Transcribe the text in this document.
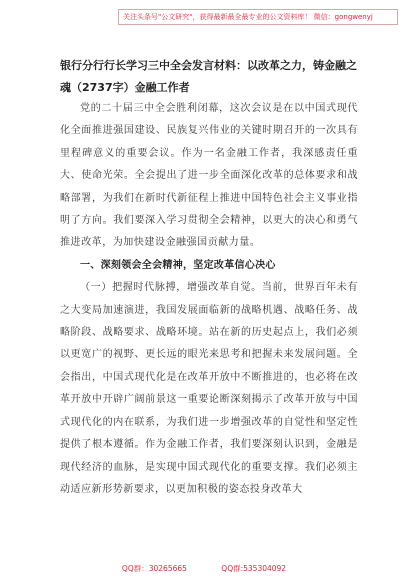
关注头条号"公文研究"，获得最新最全最专业的公文资料库！ 微信：gongwenyj
银行分行行长学习三中全会发言材料：以改革之力，铸金融之魂（2737字）金融工作者

党的二十届三中全会胜利闭幕，这次会议是在以中国式现代化全面推进强国建设、民族复兴伟业的关键时期召开的一次具有里程碑意义的重要会议。作为一名金融工作者，我深感责任重大、使命光荣。全会提出了进一步全面深化改革的总体要求和战略部署，为我们在新时代新征程上推进中国特色社会主义事业指明了方向。我们要深入学习贯彻全会精神，以更大的决心和勇气推进改革，为加快建设金融强国贡献力量。

一、深刻领会全会精神，坚定改革信心决心

（一）把握时代脉搏，增强改革自觉。当前，世界百年未有之大变局加速演进，我国发展面临新的战略机遇、战略任务、战略阶段、战略要求、战略环境。站在新的历史起点上，我们必须以更宽广的视野、更长远的眼光来思考和把握未来发展问题。全会指出，中国式现代化是在改革开放中不断推进的，也必将在改革开放中开辟广阔前景这一重要论断深刻揭示了改革开放与中国式现代化的内在联系，为我们进一步增强改革的自觉性和坚定性提供了根本遵循。作为金融工作者，我们要深刻认识到，金融是现代经济的血脉，是实现中国式现代化的重要支撑。我们必须主动适应新形势新要求，以更加积极的姿态投身改革大

QQ群：30265665	QQ群:535304092
